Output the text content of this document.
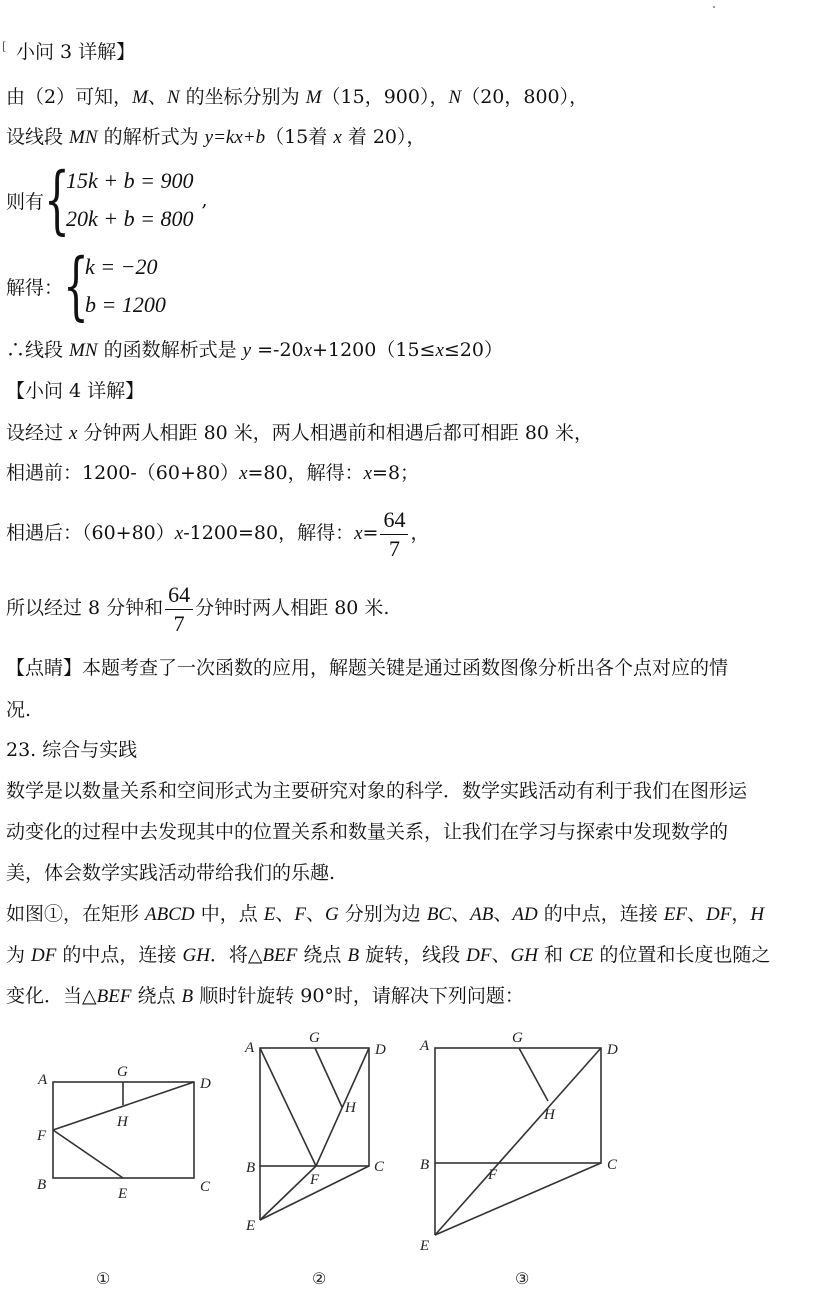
[ 小问 3 详解】
由（2）可知，M、N 的坐标分别为 M（15，900），N（20，800），
设线段 MN 的解析式为 y=kx+b（15着 x 着 20），
则有 {
15k + b = 900
20k + b = 800
,
解得： {
k = −20
b = 1200
∴线段 MN 的函数解析式是 y =-20x+1200（15≤x≤20）
【小问 4 详解】
设经过 x 分钟两人相距 80 米，两人相遇前和相遇后都可相距 80 米，
相遇前：1200-（60+80）x=80，解得：x=8；
相遇后：（60+80）x-1200=80，解得：$x= \frac{64}{7}$ ，
所以经过 8 分钟和 $\frac{64}{7}$ 分钟时两人相距 80 米.
【点睛】本题考查了一次函数的应用，解题关键是通过函数图像分析出各个点对应的情
况.
23. 综合与实践
数学是以数量关系和空间形式为主要研究对象的科学．数学实践活动有利于我们在图形运
动变化的过程中去发现其中的位置关系和数量关系，让我们在学习与探索中发现数学的
美，体会数学实践活动带给我们的乐趣.
如图①，在矩形 ABCD 中，点 E、F、G 分别为边 BC、AB、AD 的中点，连接 EF、DF，H
为 DF 的中点，连接 GH．将△BEF 绕点 B 旋转，线段 DF、GH 和 CE 的位置和长度也随之
变化．当△BEF 绕点 B 顺时针旋转 90°时，请解决下列问题：
A	G
D
H
F
B
E	C
①
A
G
D
H
B
F
C
E
②
A	G
D
H
B
F
C
E
③
